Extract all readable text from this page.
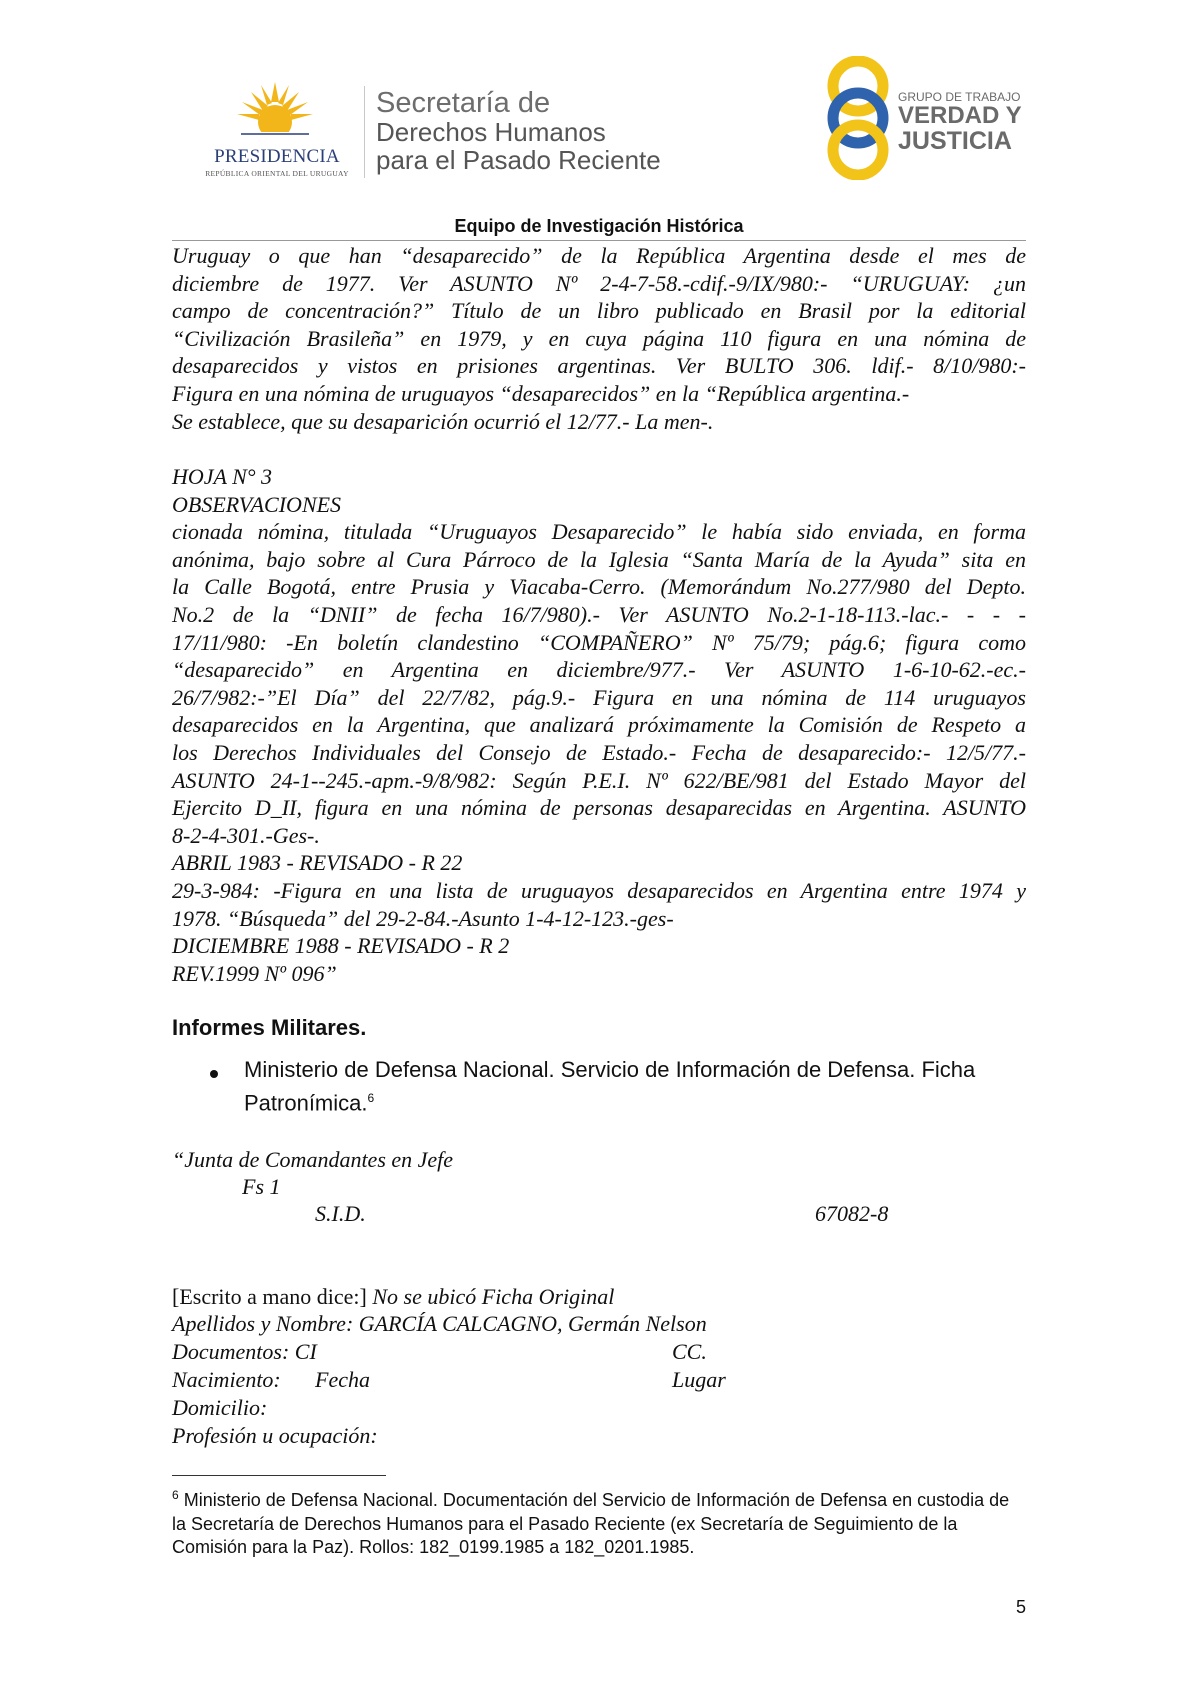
PRESIDENCIA
REPÚBLICA ORIENTAL DEL URUGUAY
Secretaría de
Derechos Humanos
para el Pasado Reciente
GRUPO DE TRABAJO
VERDAD Y
JUSTICIA
Equipo de Investigación Histórica
Uruguay o que han “desaparecido” de la República Argentina desde el mes de
diciembre de 1977. Ver ASUNTO Nº 2-4-7-58.-cdif.-9/IX/980:- “URUGUAY: ¿un
campo de concentración?” Título de un libro publicado en Brasil por la editorial
“Civilización Brasileña” en 1979, y en cuya página 110 figura en una nómina de
desaparecidos y vistos en prisiones argentinas. Ver BULTO 306. ldif.- 8/10/980:-
Figura en una nómina de uruguayos “desaparecidos” en la “República argentina.-
Se establece, que su desaparición ocurrió el 12/77.- La men-.
HOJA N° 3
OBSERVACIONES
cionada nómina, titulada “Uruguayos Desaparecido” le había sido enviada, en forma
anónima, bajo sobre al Cura Párroco de la Iglesia “Santa María de la Ayuda” sita en
la Calle Bogotá, entre Prusia y Viacaba-Cerro. (Memorándum No.277/980 del Depto.
No.2 de la “DNII” de fecha 16/7/980).- Ver ASUNTO No.2-1-18-113.-lac.- - - -
17/11/980: -En boletín clandestino “COMPAÑERO” Nº 75/79; pág.6; figura como
“desaparecido” en Argentina en diciembre/977.- Ver ASUNTO 1-6-10-62.-ec.-
26/7/982:-”El Día” del 22/7/82, pág.9.- Figura en una nómina de 114 uruguayos
desaparecidos en la Argentina, que analizará próximamente la Comisión de Respeto a
los Derechos Individuales del Consejo de Estado.- Fecha de desaparecido:- 12/5/77.-
ASUNTO 24-1--245.-apm.-9/8/982: Según P.E.I. Nº 622/BE/981 del Estado Mayor del
Ejercito D_II, figura en una nómina de personas desaparecidas en Argentina. ASUNTO
8-2-4-301.-Ges-.
ABRIL 1983 - REVISADO - R 22
29-3-984: -Figura en una lista de uruguayos desaparecidos en Argentina entre 1974 y
1978. “Búsqueda” del 29-2-84.-Asunto 1-4-12-123.-ges-
DICIEMBRE 1988 - REVISADO - R 2
REV.1999 Nº 096”
Informes Militares.
Ministerio de Defensa Nacional. Servicio de Información de Defensa. Ficha Patronímica.$^6$
“Junta de Comandantes en Jefe
Fs 1
S.I.D.	67082-8
[Escrito a mano dice:] No se ubicó Ficha Original
Apellidos y Nombre: GARCÍA CALCAGNO, Germán Nelson
Documentos: CI	CC.
Nacimiento: Fecha	Lugar
Domicilio:
Profesión u ocupación:
$^6$ Ministerio de Defensa Nacional. Documentación del Servicio de Información de Defensa en custodia de la Secretaría de Derechos Humanos para el Pasado Reciente (ex Secretaría de Seguimiento de la Comisión para la Paz). Rollos: 182_0199.1985 a 182_0201.1985.
5
